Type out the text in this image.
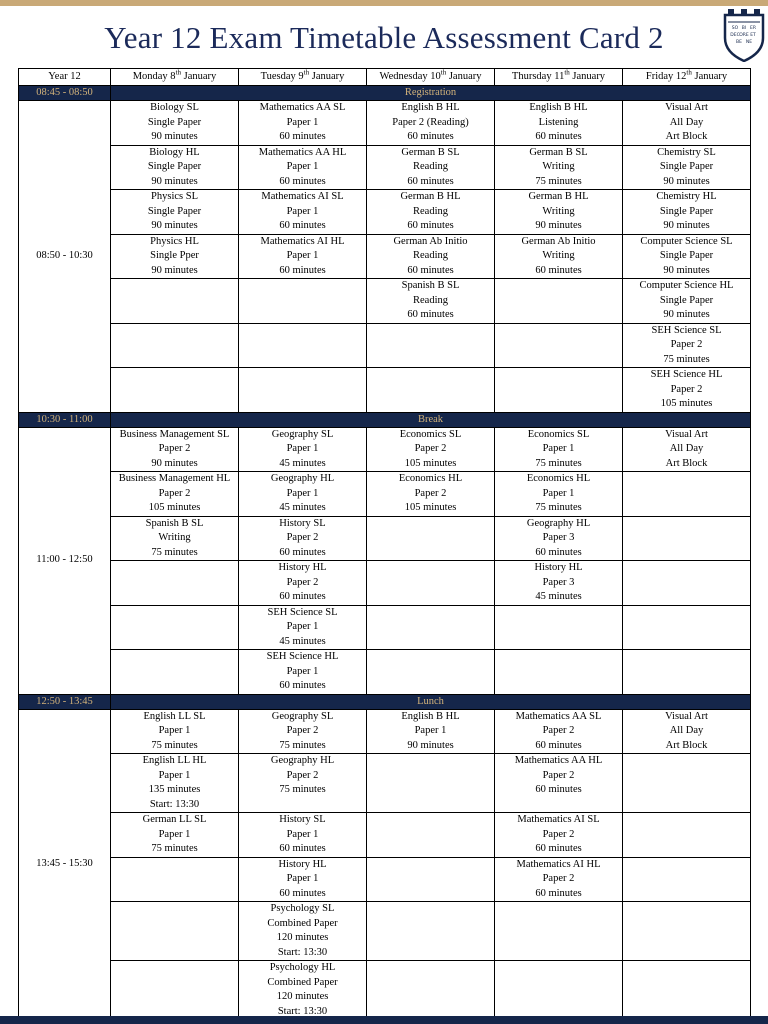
Year 12 Exam Timetable Assessment Card 2	SO BI ER
DEC ORE ET
BE NE
Year 12	Monday 8th January	Tuesday 9th January	Wednesday 10th January	Thursday 11th January	Friday 12th January
08:45 - 08:50	Registration				
08:50 - 10:30	Biology SL
Single Paper
90 minutes	Mathematics AA SL
Paper 1
60 minutes	English B HL
Paper 2 (Reading)
60 minutes	English B HL
Listening
60 minutes	Visual Art
All Day
Art Block

	Biology HL
Single Paper
90 minutes	Mathematics AA HL
Paper 1
60 minutes	German B SL
Reading
60 minutes	German B SL
Writing
75 minutes	Chemistry SL
Single Paper
90 minutes

	Physics SL
Single Paper
90 minutes	Mathematics AI SL
Paper 1
60 minutes	German B HL
Reading
60 minutes	German B HL
Writing
90 minutes	Chemistry HL
Single Paper
90 minutes

	Physics HL
Single Pper
90 minutes	Mathematics AI HL
Paper 1
60 minutes	German Ab Initio
Reading
60 minutes	German Ab Initio
Writing
60 minutes	Computer Science SL
Single Paper
90 minutes

			Spanish B SL
Reading
60 minutes		Computer Science HL
Single Paper
90 minutes

					SEH Science SL
Paper 2
75 minutes

					SEH Science HL
Paper 2
105 minutes

10:30 - 11:00	Break				
11:00 - 12:50	Business Management SL
Paper 2
90 minutes	Geography SL
Paper 1
45 minutes	Economics SL
Paper 2
105 minutes	Economics SL
Paper 1
75 minutes	Visual Art
All Day
Art Block

	Business Management HL
Paper 2
105 minutes	Geography HL
Paper 1
45 minutes	Economics HL
Paper 2
105 minutes	Economics HL
Paper 1
75 minutes	

	Spanish B SL
Writing
75 minutes	History SL
Paper 2
60 minutes		Geography HL
Paper 3
60 minutes	

		History HL
Paper 2
60 minutes		History HL
Paper 3
45 minutes	

		SEH Science SL
Paper 1
45 minutes			

		SEH Science HL
Paper 1
60 minutes			

12:50 - 13:45	Lunch				
13:45 - 15:30	English LL SL
Paper 1
75 minutes	Geography SL
Paper 2
75 minutes	English B HL
Paper 1
90 minutes	Mathematics AA SL
Paper 2
60 minutes	Visual Art
All Day
Art Block

	English LL HL
Paper 1
135 minutes
Start: 13:30	Geography HL
Paper 2
75 minutes		Mathematics AA HL
Paper 2
60 minutes	

	German LL SL
Paper 1
75 minutes	History SL
Paper 1
60 minutes		Mathematics AI SL
Paper 2
60 minutes	

		History HL
Paper 1
60 minutes		Mathematics AI HL
Paper 2
60 minutes	

		Psychology SL
Combined Paper
120 minutes
Start: 13:30			

		Psychology HL
Combined Paper
120 minutes
Start: 13:30			
